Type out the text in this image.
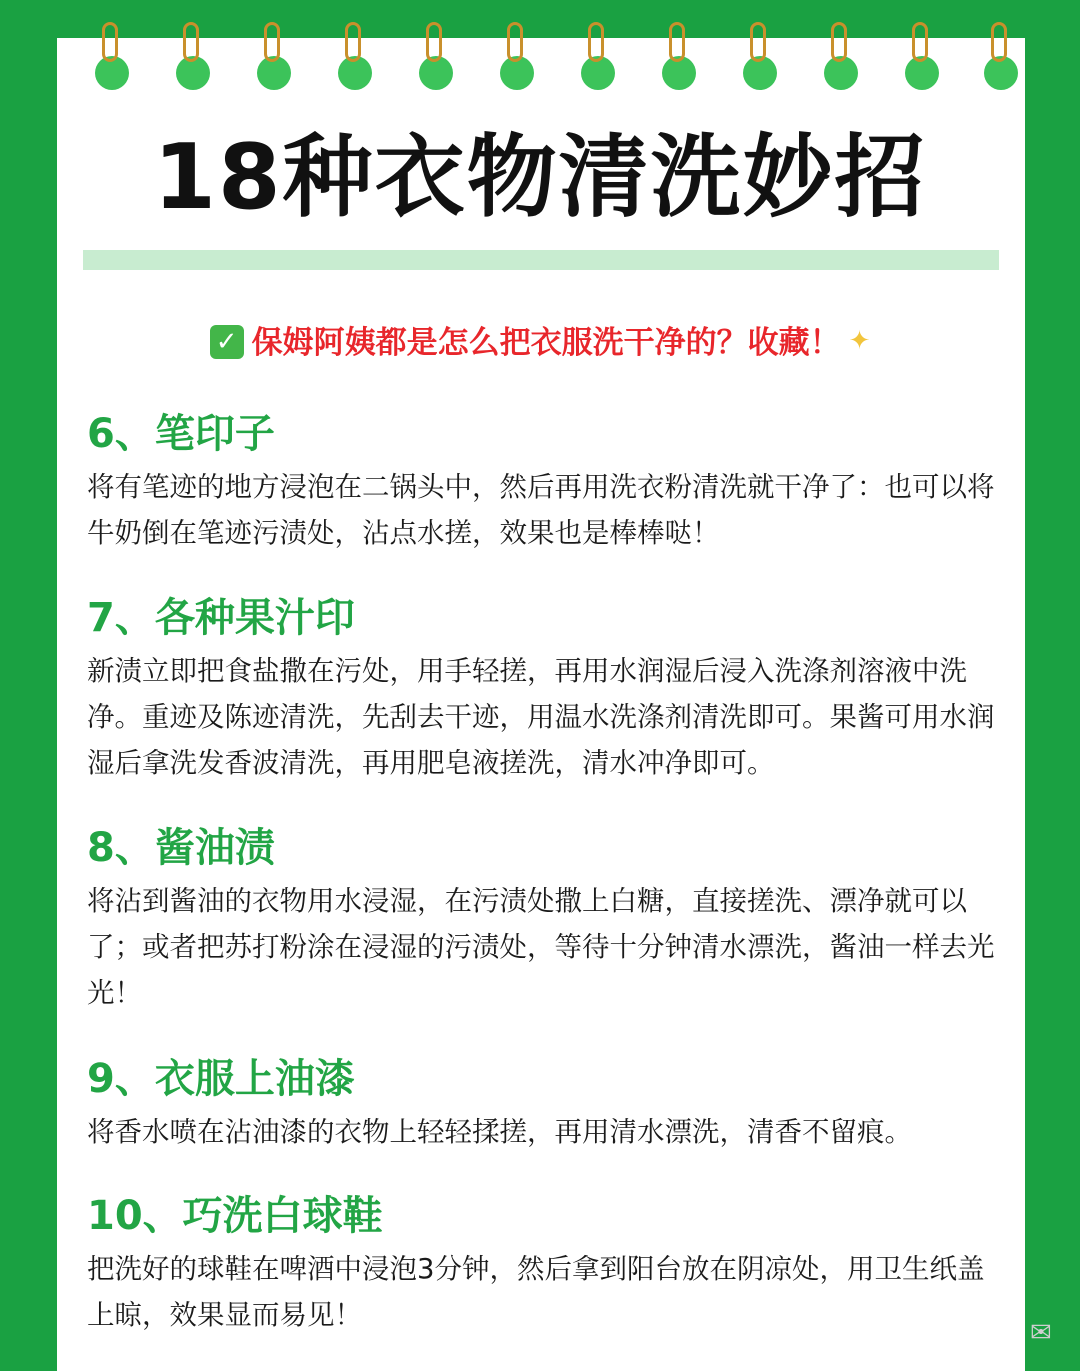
18种衣物清洗妙招
✓ 保姆阿姨都是怎么把衣服洗干净的？收藏！ ✦
6、笔印子
将有笔迹的地方浸泡在二锅头中，然后再用洗衣粉清洗就干净了：也可以将牛奶倒在笔迹污渍处，沾点水搓，效果也是棒棒哒！
7、各种果汁印
新渍立即把食盐撒在污处，用手轻搓，再用水润湿后浸入洗涤剂溶液中洗净。重迹及陈迹清洗，先刮去干迹，用温水洗涤剂清洗即可。果酱可用水润湿后拿洗发香波清洗，再用肥皂液搓洗，清水冲净即可。
8、酱油渍
将沾到酱油的衣物用水浸湿，在污渍处撒上白糖，直接搓洗、漂净就可以了；或者把苏打粉涂在浸湿的污渍处，等待十分钟清水漂洗，酱油一样去光光！
9、衣服上油漆
将香水喷在沾油漆的衣物上轻轻揉搓，再用清水漂洗，清香不留痕。
10、巧洗白球鞋
把洗好的球鞋在啤酒中浸泡3分钟，然后拿到阳台放在阴凉处，用卫生纸盖上晾，效果显而易见！
✉
